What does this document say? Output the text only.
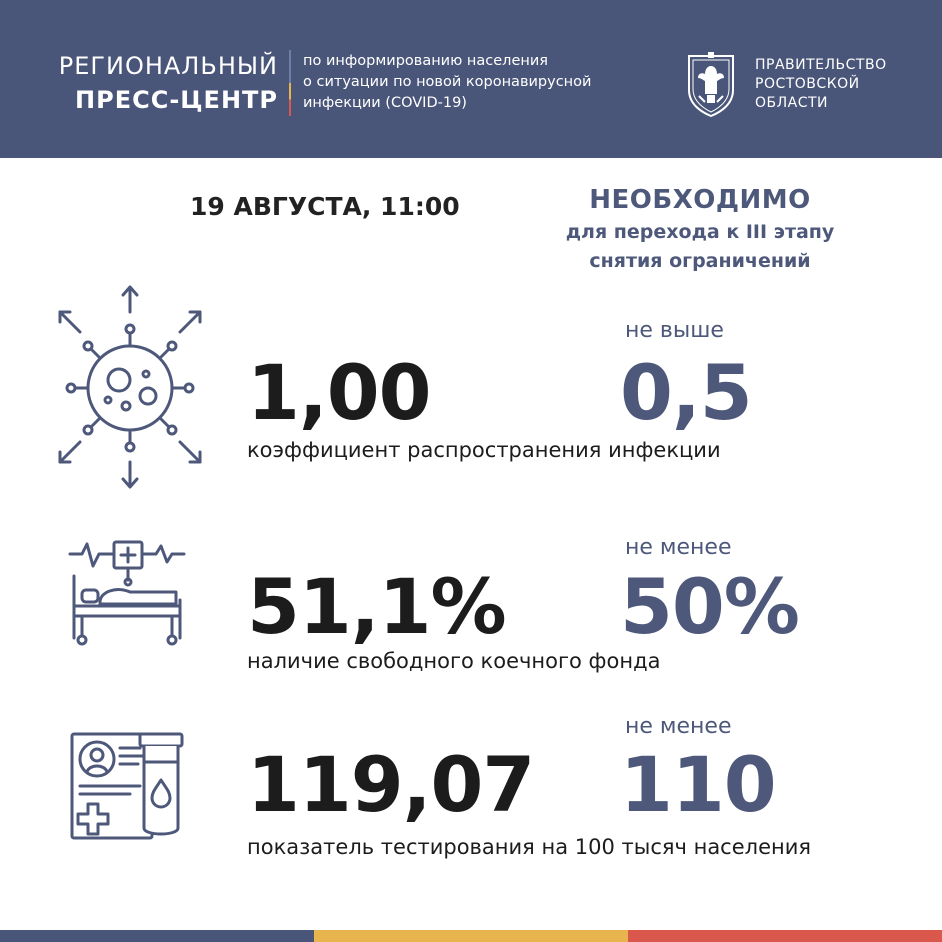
РЕГИОНАЛЬНЫЙ
ПРЕСС-ЦЕНТР
по информированию населения
о ситуации по новой коронавирусной
инфекции (COVID-19)
ПРАВИТЕЛЬСТВО
РОСТОВСКОЙ
ОБЛАСТИ
19 АВГУСТА, 11:00	НЕОБХОДИМО
для перехода к III этапу
снятия ограничений
не выше
1,00 0,5
коэффициент распространения инфекции
не менее
51,1% 50%
наличие свободного коечного фонда
не менее
119,07 110
показатель тестирования на 100 тысяч населения
